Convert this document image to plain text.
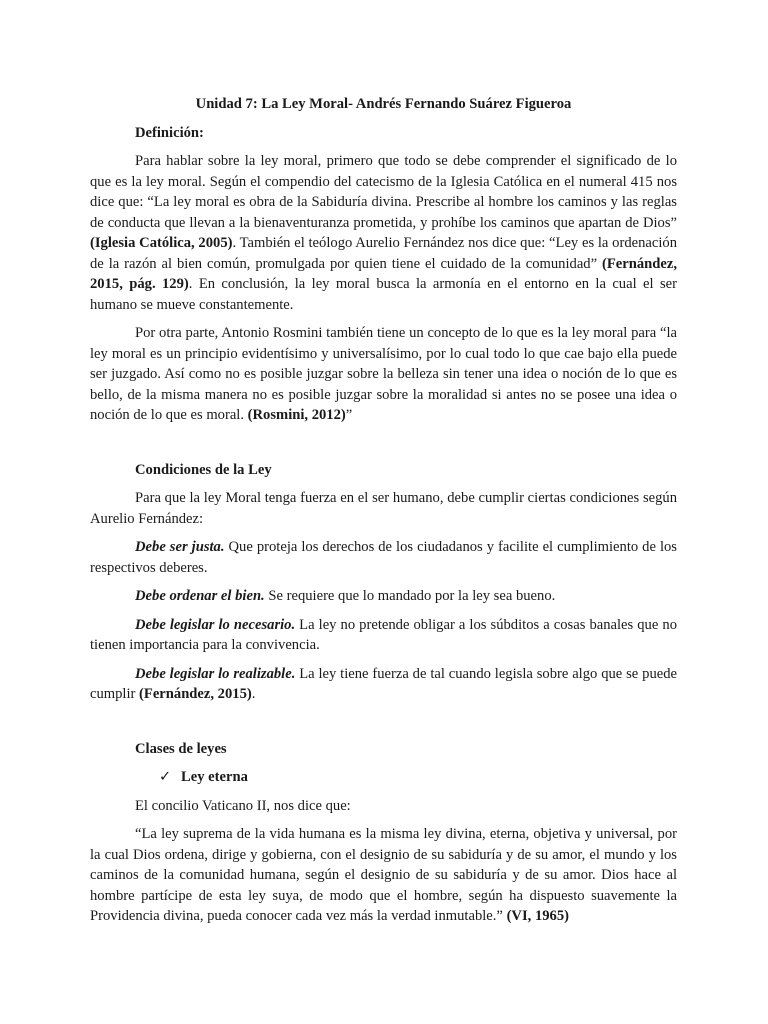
Unidad 7: La Ley Moral- Andrés Fernando Suárez Figueroa
Definición:

Para hablar sobre la ley moral, primero que todo se debe comprender el significado de lo que es la ley moral. Según el compendio del catecismo de la Iglesia Católica en el numeral 415 nos dice que: “La ley moral es obra de la Sabiduría divina. Prescribe al hombre los caminos y las reglas de conducta que llevan a la bienaventuranza prometida, y prohíbe los caminos que apartan de Dios” (Iglesia Católica, 2005). También el teólogo Aurelio Fernández nos dice que: “Ley es la ordenación de la razón al bien común, promulgada por quien tiene el cuidado de la comunidad” (Fernández, 2015, pág. 129). En conclusión, la ley moral busca la armonía en el entorno en la cual el ser humano se mueve constantemente.

Por otra parte, Antonio Rosmini también tiene un concepto de lo que es la ley moral para “la ley moral es un principio evidentísimo y universalísimo, por lo cual todo lo que cae bajo ella puede ser juzgado. Así como no es posible juzgar sobre la belleza sin tener una idea o noción de lo que es bello, de la misma manera no es posible juzgar sobre la moralidad si antes no se posee una idea o noción de lo que es moral. (Rosmini, 2012)”

Condiciones de la Ley

Para que la ley Moral tenga fuerza en el ser humano, debe cumplir ciertas condiciones según Aurelio Fernández:

Debe ser justa. Que proteja los derechos de los ciudadanos y facilite el cumplimiento de los respectivos deberes.

Debe ordenar el bien. Se requiere que lo mandado por la ley sea bueno.

Debe legislar lo necesario. La ley no pretende obligar a los súbditos a cosas banales que no tienen importancia para la convivencia.

Debe legislar lo realizable. La ley tiene fuerza de tal cuando legisla sobre algo que se puede cumplir (Fernández, 2015).

Clases de leyes
✓ Ley eterna

El concilio Vaticano II, nos dice que:

“La ley suprema de la vida humana es la misma ley divina, eterna, objetiva y universal, por la cual Dios ordena, dirige y gobierna, con el designio de su sabiduría y de su amor, el mundo y los caminos de la comunidad humana, según el designio de su sabiduría y de su amor. Dios hace al hombre partícipe de esta ley suya, de modo que el hombre, según ha dispuesto suavemente la Providencia divina, pueda conocer cada vez más la verdad inmutable.” (VI, 1965)
